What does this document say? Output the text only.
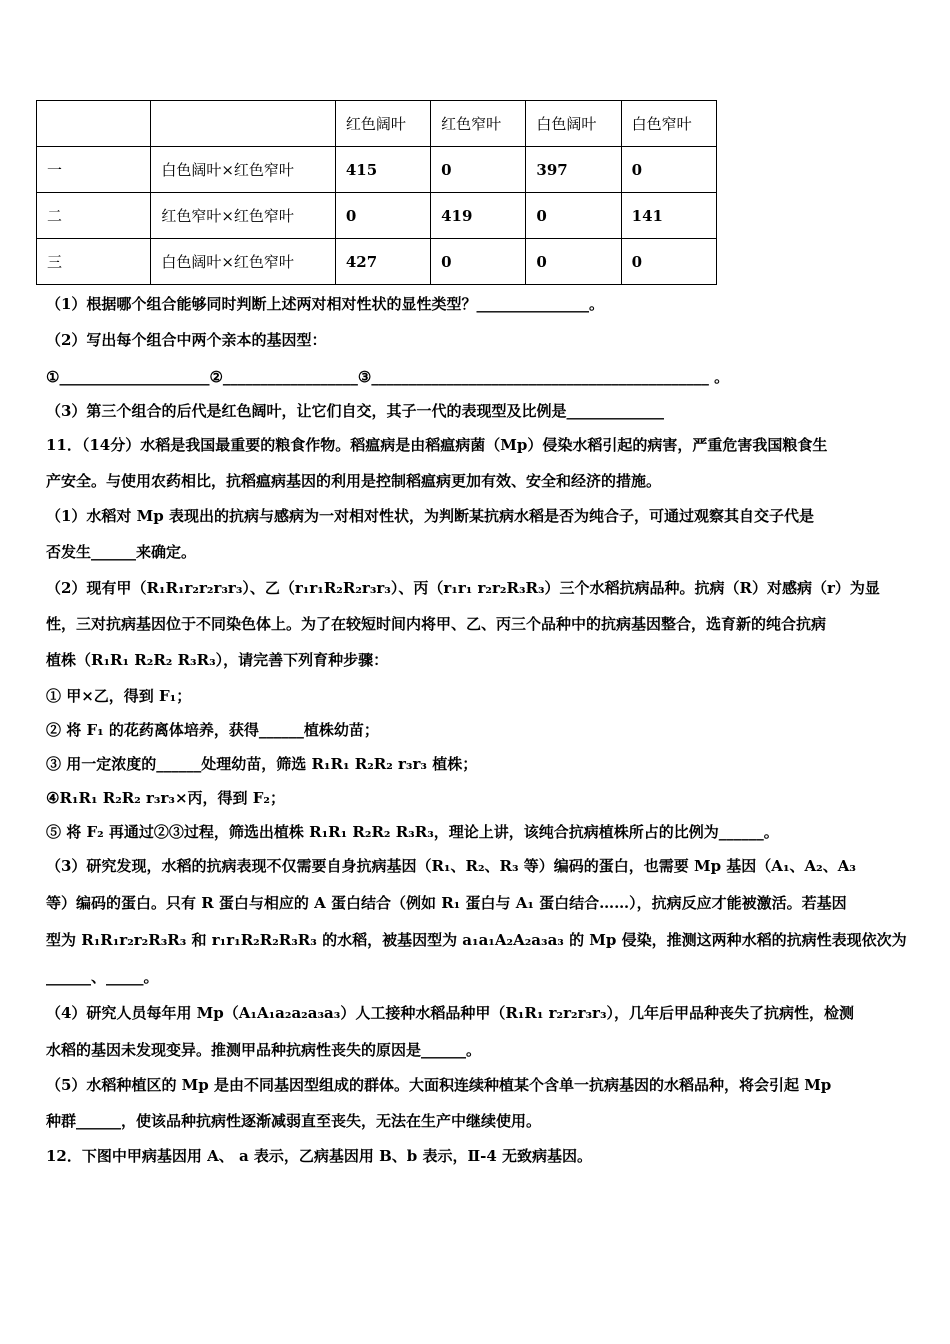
		红色阔叶	红色窄叶	白色阔叶	白色窄叶
一	白色阔叶×红色窄叶	415	0	397	0
二	红色窄叶×红色窄叶	0	419	0	141
三	白色阔叶×红色窄叶	427	0	0	0
（1）根据哪个组合能够同时判断上述两对相对性状的显性类型？_______________。
（2）写出每个组合中两个亲本的基因型：
①____________________②__________________③_____________________________________________ 。
（3）第三个组合的后代是红色阔叶，让它们自交，其子一代的表现型及比例是_____________
11．（14分）水稻是我国最重要的粮食作物。稻瘟病是由稻瘟病菌（Mp）侵染水稻引起的病害，严重危害我国粮食生
产安全。与使用农药相比，抗稻瘟病基因的利用是控制稻瘟病更加有效、安全和经济的措施。
（1）水稻对 Mp 表现出的抗病与感病为一对相对性状，为判断某抗病水稻是否为纯合子，可通过观察其自交子代是
否发生______来确定。
（2）现有甲（R₁R₁r₂r₂r₃r₃）、乙（r₁r₁R₂R₂r₃r₃）、丙（r₁r₁ r₂r₂R₃R₃）三个水稻抗病品种。抗病（R）对感病（r）为显
性，三对抗病基因位于不同染色体上。为了在较短时间内将甲、乙、丙三个品种中的抗病基因整合，选育新的纯合抗病
植株（R₁R₁ R₂R₂ R₃R₃），请完善下列育种步骤：
① 甲×乙，得到 F₁；
② 将 F₁ 的花药离体培养，获得______植株幼苗；
③ 用一定浓度的______处理幼苗，筛选 R₁R₁ R₂R₂ r₃r₃ 植株；
④R₁R₁ R₂R₂ r₃r₃×丙，得到 F₂；
⑤ 将 F₂ 再通过②③过程，筛选出植株 R₁R₁ R₂R₂ R₃R₃，理论上讲，该纯合抗病植株所占的比例为______。
（3）研究发现，水稻的抗病表现不仅需要自身抗病基因（R₁、R₂、R₃ 等）编码的蛋白，也需要 Mp 基因（A₁、A₂、A₃
等）编码的蛋白。只有 R 蛋白与相应的 A 蛋白结合（例如 R₁ 蛋白与 A₁ 蛋白结合……），抗病反应才能被激活。若基因
型为 R₁R₁r₂r₂R₃R₃ 和 r₁r₁R₂R₂R₃R₃ 的水稻，被基因型为 a₁a₁A₂A₂a₃a₃ 的 Mp 侵染，推测这两种水稻的抗病性表现依次为
______、_____。
（4）研究人员每年用 Mp（A₁A₁a₂a₂a₃a₃）人工接种水稻品种甲（R₁R₁ r₂r₂r₃r₃），几年后甲品种丧失了抗病性，检测
水稻的基因未发现变异。推测甲品种抗病性丧失的原因是______。
（5）水稻种植区的 Mp 是由不同基因型组成的群体。大面积连续种植某个含单一抗病基因的水稻品种，将会引起 Mp
种群______，使该品种抗病性逐渐减弱直至丧失，无法在生产中继续使用。
12．下图中甲病基因用 A、 a 表示，乙病基因用 B、b 表示，Ⅱ-4 无致病基因。
